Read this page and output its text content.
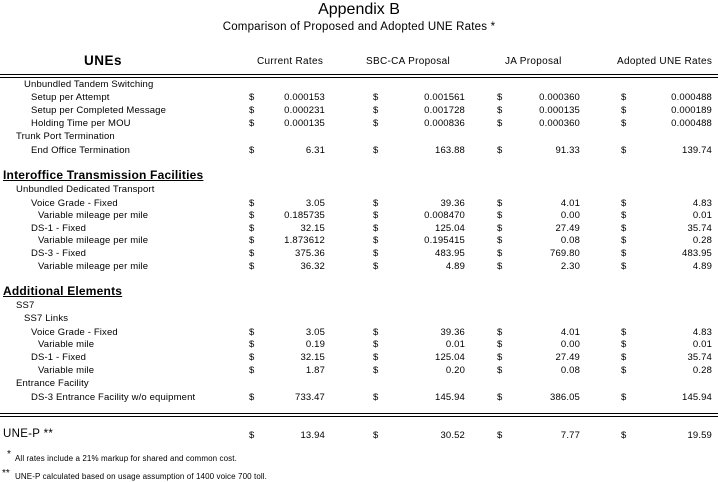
Appendix B
Comparison of Proposed and Adopted UNE Rates *
UNEs	Current Rates	SBC-CA Proposal	JA Proposal	Adopted UNE Rates
Unbundled Tandem Switching
Setup per Attempt	$	0.000153	$	0.001561	$	0.000360	$	0.000488
Setup per Completed Message	$	0.000231	$	0.001728	$	0.000135	$	0.000189
Holding Time per MOU	$	0.000135	$	0.000836	$	0.000360	$	0.000488
Trunk Port Termination
End Office Termination	$	6.31	$	163.88	$	91.33	$	139.74
Interoffice Transmission Facilities
Unbundled Dedicated Transport
Voice Grade - Fixed	$	3.05	$	39.36	$	4.01	$	4.83
Variable mileage per mile	$	0.185735	$	0.008470	$	0.00	$	0.01
DS-1 - Fixed	$	32.15	$	125.04	$	27.49	$	35.74
Variable mileage per mile	$	1.873612	$	0.195415	$	0.08	$	0.28
DS-3 - Fixed	$	375.36	$	483.95	$	769.80	$	483.95
Variable mileage per mile	$	36.32	$	4.89	$	2.30	$	4.89
Additional Elements
SS7
SS7 Links
Voice Grade - Fixed	$	3.05	$	39.36	$	4.01	$	4.83
Variable mile	$	0.19	$	0.01	$	0.00	$	0.01
DS-1 - Fixed	$	32.15	$	125.04	$	27.49	$	35.74
Variable mile	$	1.87	$	0.20	$	0.08	$	0.28
Entrance Facility
DS-3 Entrance Facility w/o equipment	$	733.47	$	145.94	$	386.05	$	145.94
UNE-P **	$	13.94	$	30.52	$	7.77	$	19.59
* All rates include a 21% markup for shared and common cost.
** UNE-P calculated based on usage assumption of 1400 voice 700 toll.
